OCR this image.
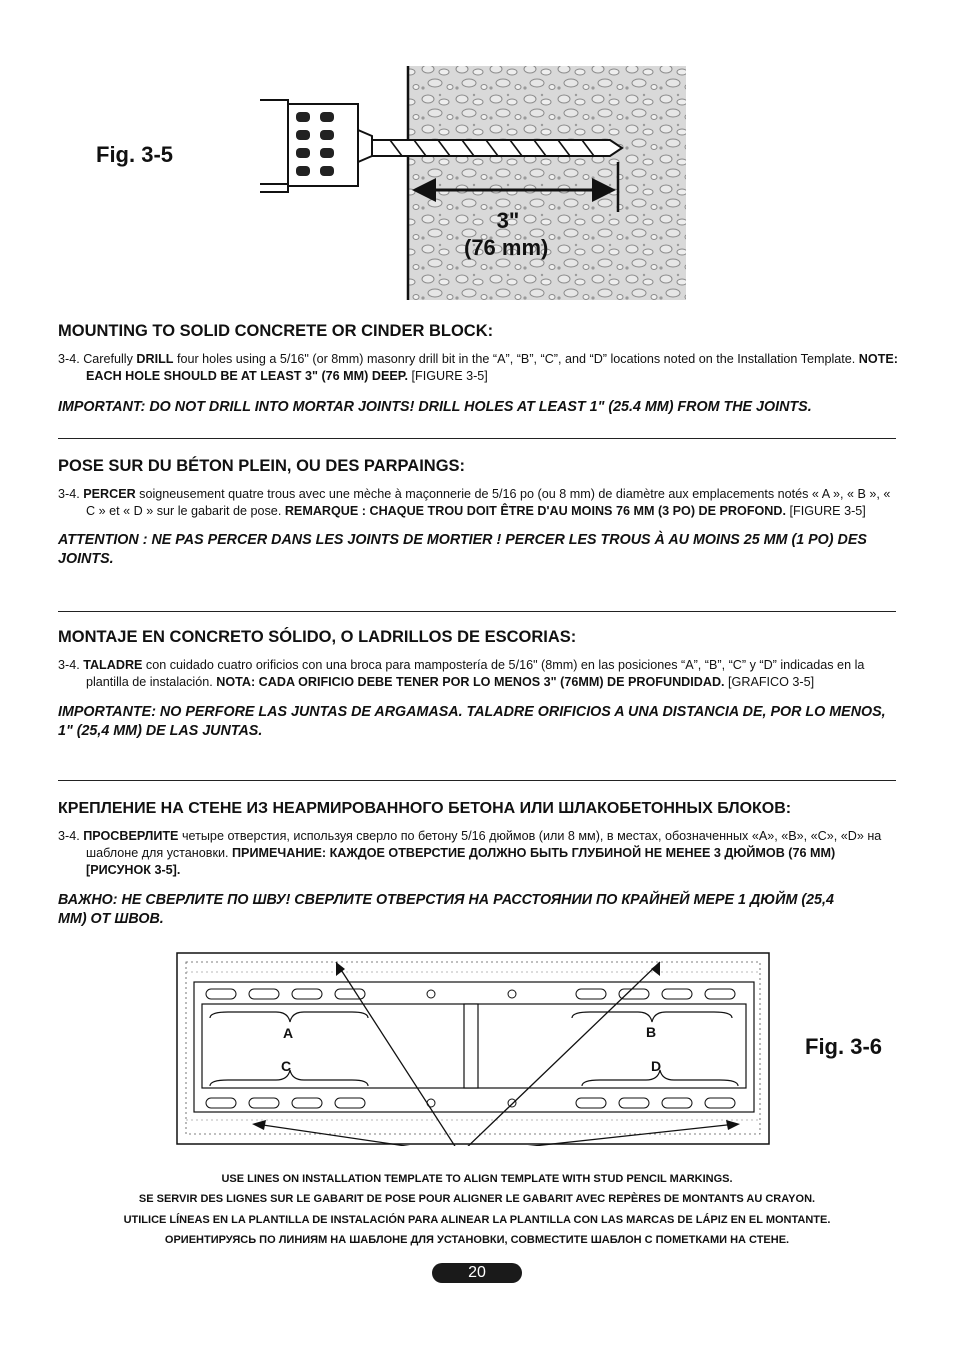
Fig. 3-5
3"
(76 mm)
MOUNTING TO SOLID CONCRETE OR CINDER BLOCK:

3-4. Carefully DRILL four holes using a 5/16" (or 8mm) masonry drill bit in the “A”, “B”, “C”, and “D” locations noted on the Installation Template. NOTE: EACH HOLE SHOULD BE AT LEAST 3" (76 MM) DEEP. [FIGURE 3-5]

IMPORTANT: DO NOT DRILL INTO MORTAR JOINTS! DRILL HOLES AT LEAST 1" (25.4 MM) FROM THE JOINTS.

POSE SUR DU BÉTON PLEIN, OU DES PARPAINGS:

3-4. PERCER soigneusement quatre trous avec une mèche à maçonnerie de 5/16 po (ou 8 mm) de diamètre aux emplacements notés « A », « B », « C » et « D » sur le gabarit de pose. REMARQUE : CHAQUE TROU DOIT ÊTRE D'AU MOINS 76 MM (3 PO) DE PROFOND. [FIGURE 3-5]

ATTENTION : NE PAS PERCER DANS LES JOINTS DE MORTIER ! PERCER LES TROUS À AU MOINS 25 MM (1 PO) DES JOINTS.

MONTAJE EN CONCRETO SÓLIDO, O LADRILLOS DE ESCORIAS:

3-4. TALADRE con cuidado cuatro orificios con una broca para mampostería de 5/16" (8mm) en las posiciones “A”, “B”, “C” y “D” indicadas en la plantilla de instalación. NOTA: CADA ORIFICIO DEBE TENER POR LO MENOS 3" (76MM) DE PROFUNDIDAD. [GRAFICO 3-5]

IMPORTANTE: NO PERFORE LAS JUNTAS DE ARGAMASA. TALADRE ORIFICIOS A UNA DISTANCIA DE, POR LO MENOS, 1" (25,4 MM) DE LAS JUNTAS.

КРЕПЛЕНИЕ НА СТЕНЕ ИЗ НЕАРМИРОВАННОГО БЕТОНА ИЛИ ШЛАКОБЕТОННЫХ БЛОКОВ:

3-4. ПРОСВЕРЛИТЕ четыре отверстия, используя сверло по бетону 5/16 дюймов (или 8 мм), в местах, обозначенных «A», «B», «C», «D» на шаблоне для установки. ПРИМЕЧАНИЕ: КАЖДОЕ ОТВЕРСТИЕ ДОЛЖНО БЫТЬ ГЛУБИНОЙ НЕ МЕНЕЕ 3 ДЮЙМОВ (76 ММ) [РИСУНОК 3-5].

ВАЖНО: НЕ СВЕРЛИТЕ ПО ШВУ! СВЕРЛИТЕ ОТВЕРСТИЯ НА РАССТОЯНИИ ПО КРАЙНЕЙ МЕРЕ 1 ДЮЙМ (25,4 ММ) ОТ ШВОВ.

A	B
C	D
Fig. 3-6
USE LINES ON INSTALLATION TEMPLATE TO ALIGN TEMPLATE WITH STUD PENCIL MARKINGS.
SE SERVIR DES LIGNES SUR LE GABARIT DE POSE POUR ALIGNER LE GABARIT AVEC REPÈRES DE MONTANTS AU CRAYON.
UTILICE LÍNEAS EN LA PLANTILLA DE INSTALACIÓN PARA ALINEAR LA PLANTILLA CON LAS MARCAS DE LÁPIZ EN EL MONTANTE.
ОРИЕНТИРУЯСЬ ПО ЛИНИЯМ НА ШАБЛОНЕ ДЛЯ УСТАНОВКИ, СОВМЕСТИТЕ ШАБЛОН С ПОМЕТКАМИ НА СТЕНЕ.
20
